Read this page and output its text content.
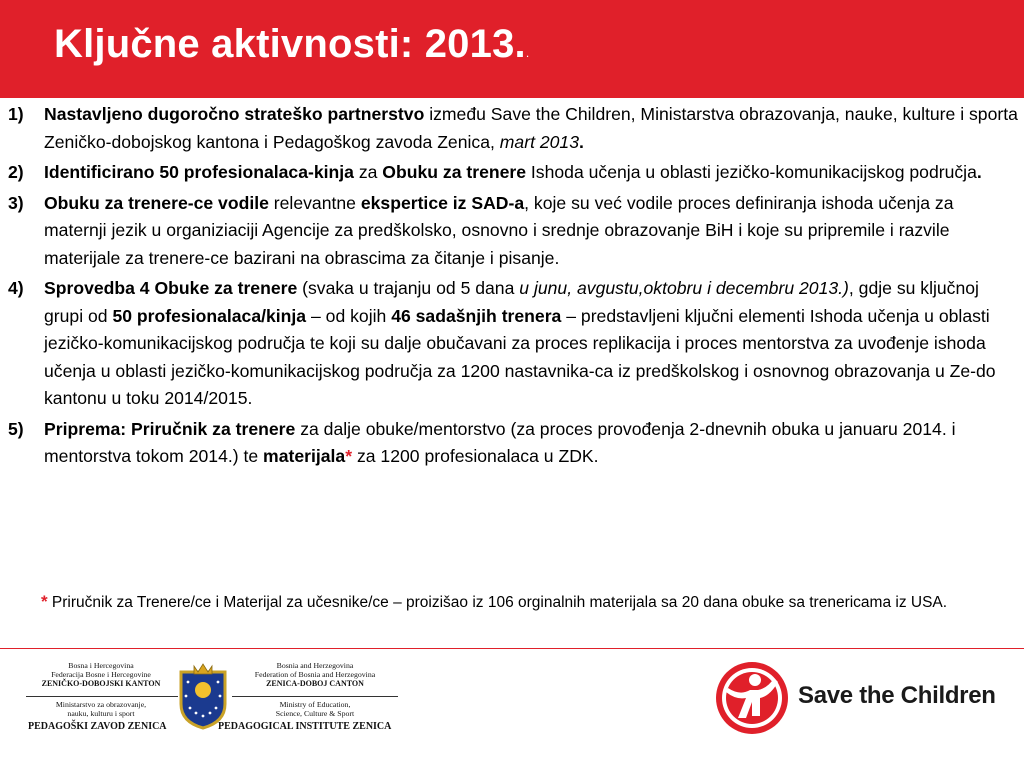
Ključne aktivnosti: 2013..
1) Nastavljeno dugoročno strateško partnerstvo između Save the Children, Ministarstva obrazovanja, nauke, kulture i sporta Zeničko-dobojskog kantona i Pedagoškog zavoda Zenica, mart 2013.
2) Identificirano 50 profesionalaca-kinja za Obuku za trenere Ishoda učenja u oblasti jezičko-komunikacijskog područja.
3) Obuku za trenere-ce vodile relevantne ekspertice iz SAD-a, koje su već vodile proces definiranja ishoda učenja za maternji jezik u organiziaciji Agencije za predškolsko, osnovno i srednje obrazovanje BiH i koje su pripremile i razvile materijale za trenere-ce bazirani na obrascima za čitanje i pisanje.
4) Sprovedba 4 Obuke za trenere (svaka u trajanju od 5 dana u junu, avgustu,oktobru i decembru 2013.), gdje su ključnoj grupi od 50 profesionalaca/kinja – od kojih 46 sadašnjih trenera – predstavljeni ključni elementi Ishoda učenja u oblasti jezičko-komunikacijskog područja te koji su dalje obučavani za proces replikacija i proces mentorstva za uvođenje ishoda učenja u oblasti jezičko-komunikacijskog područja za 1200 nastavnika-ca iz predškolskog i osnovnog obrazovanja u Ze-do kantonu u toku 2014/2015.
5) Priprema: Priručnik za trenere za dalje obuke/mentorstvo (za proces provođenja 2-dnevnih obuka u januaru 2014. i mentorstva tokom 2014.) te materijala* za 1200 profesionalaca u ZDK.
* Priručnik za Trenere/ce i Materijal za učesnike/ce – proizišao iz 106 orginalnih materijala sa 20 dana obuke sa trenericama iz USA.
Bosna i Hercegovina
Federacija Bosne i Hercegovine
ZENIČKO-DOBOJSKI KANTON
Ministarstvo za obrazovanje,
nauku, kulturu i sport
PEDAGOŠKI ZAVOD ZENICA
Bosnia and Herzegovina
Federation of Bosnia and Herzegovina
ZENICA-DOBOJ CANTON
Ministry of Education,
Science, Culture & Sport
PEDAGOGICAL INSTITUTE ZENICA
Save the Children
